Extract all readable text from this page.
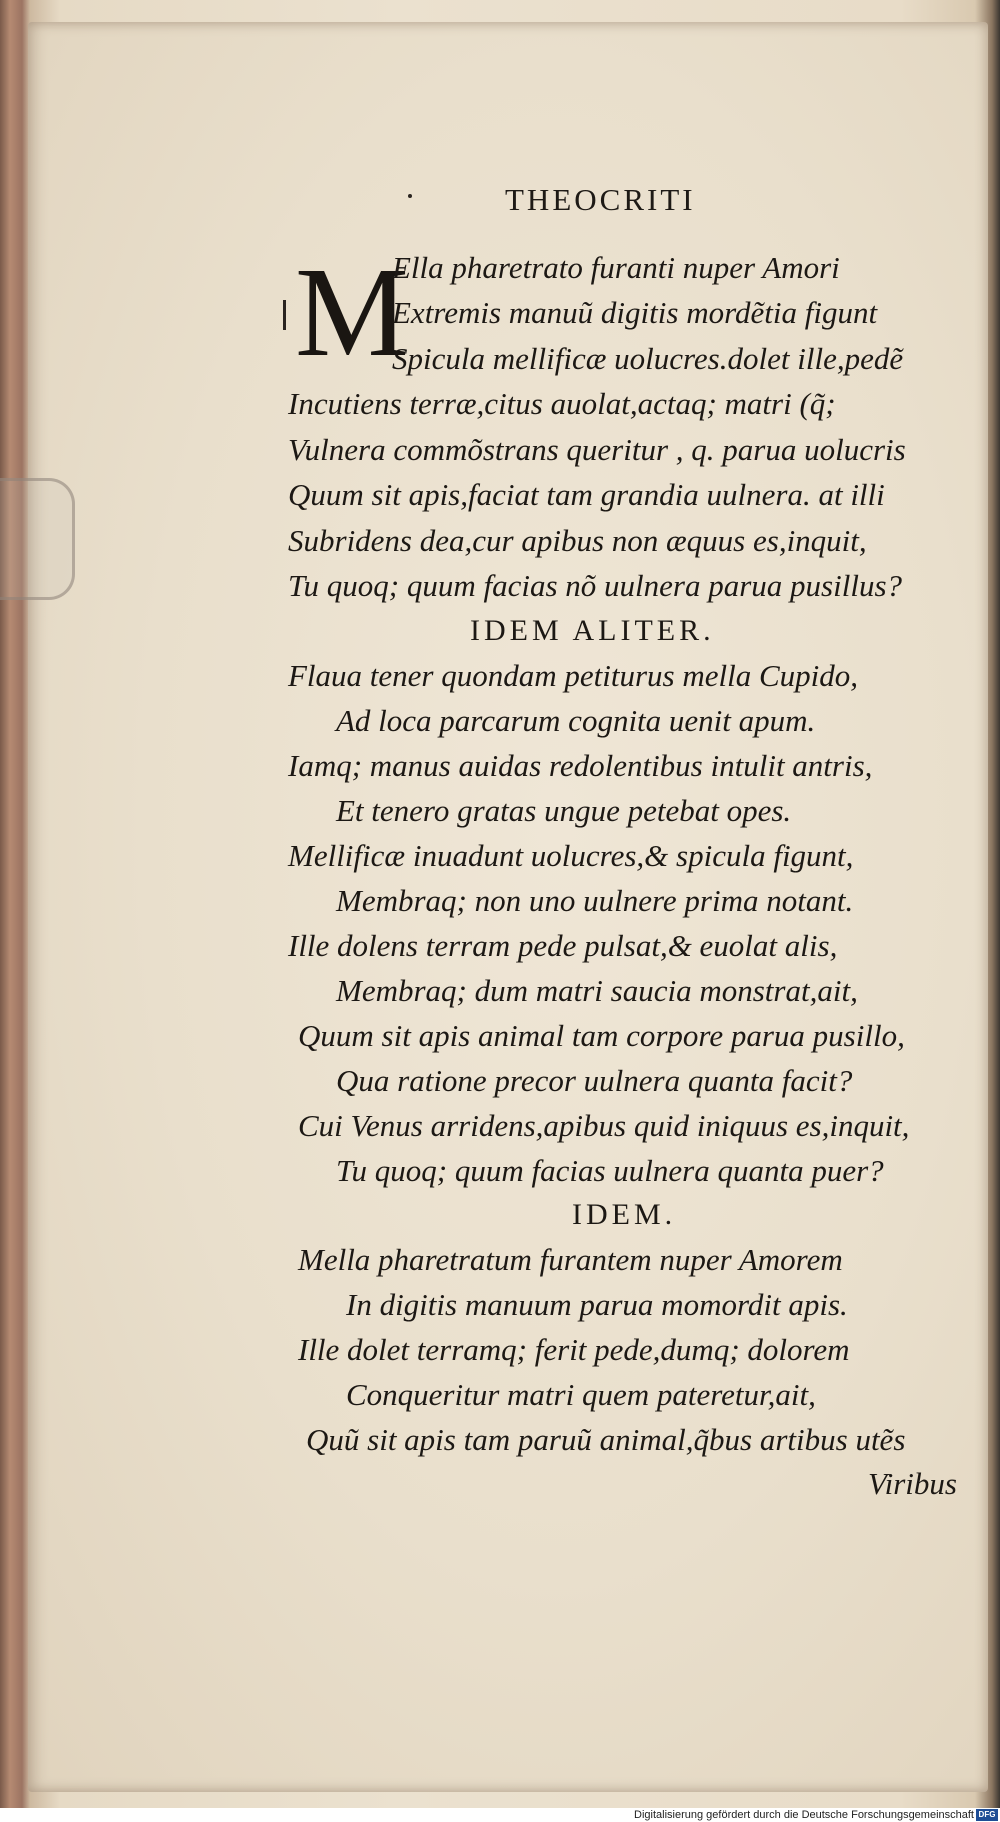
THEOCRITI
M
Ella pharetrato furanti nuper Amori
Extremis manuũ digitis mordẽtia figunt
Spicula mellificæ uolucres.dolet ille,pedẽ
Incutiens terræ,citus auolat,actaq; matri (q̃;
Vulnera commõstrans queritur , q. parua uolucris
Quum sit apis,faciat tam grandia uulnera. at illi
Subridens dea,cur apibus non æquus es,inquit,
Tu quoq; quum facias nõ uulnera parua pusillus?
IDEM ALITER.
Flaua tener quondam petiturus mella Cupido,
Ad loca parcarum cognita uenit apum.
Iamq; manus auidas redolentibus intulit antris,
Et tenero gratas ungue petebat opes.
Mellificæ inuadunt uolucres,& spicula figunt,
Membraq; non uno uulnere prima notant.
Ille dolens terram pede pulsat,& euolat alis,
Membraq; dum matri saucia monstrat,ait,
Quum sit apis animal tam corpore parua pusillo,
Qua ratione precor uulnera quanta facit?
Cui Venus arridens,apibus quid iniquus es,inquit,
Tu quoq; quum facias uulnera quanta puer?
IDEM.
Mella pharetratum furantem nuper Amorem
In digitis manuum parua momordit apis.
Ille dolet terramq; ferit pede,dumq; dolorem
Conqueritur matri quem pateretur,ait,
Quũ sit apis tam paruũ animal,q̃bus artibus utẽs
Viribus
Digitalisierung gefördert durch die Deutsche Forschungsgemeinschaft DFG
